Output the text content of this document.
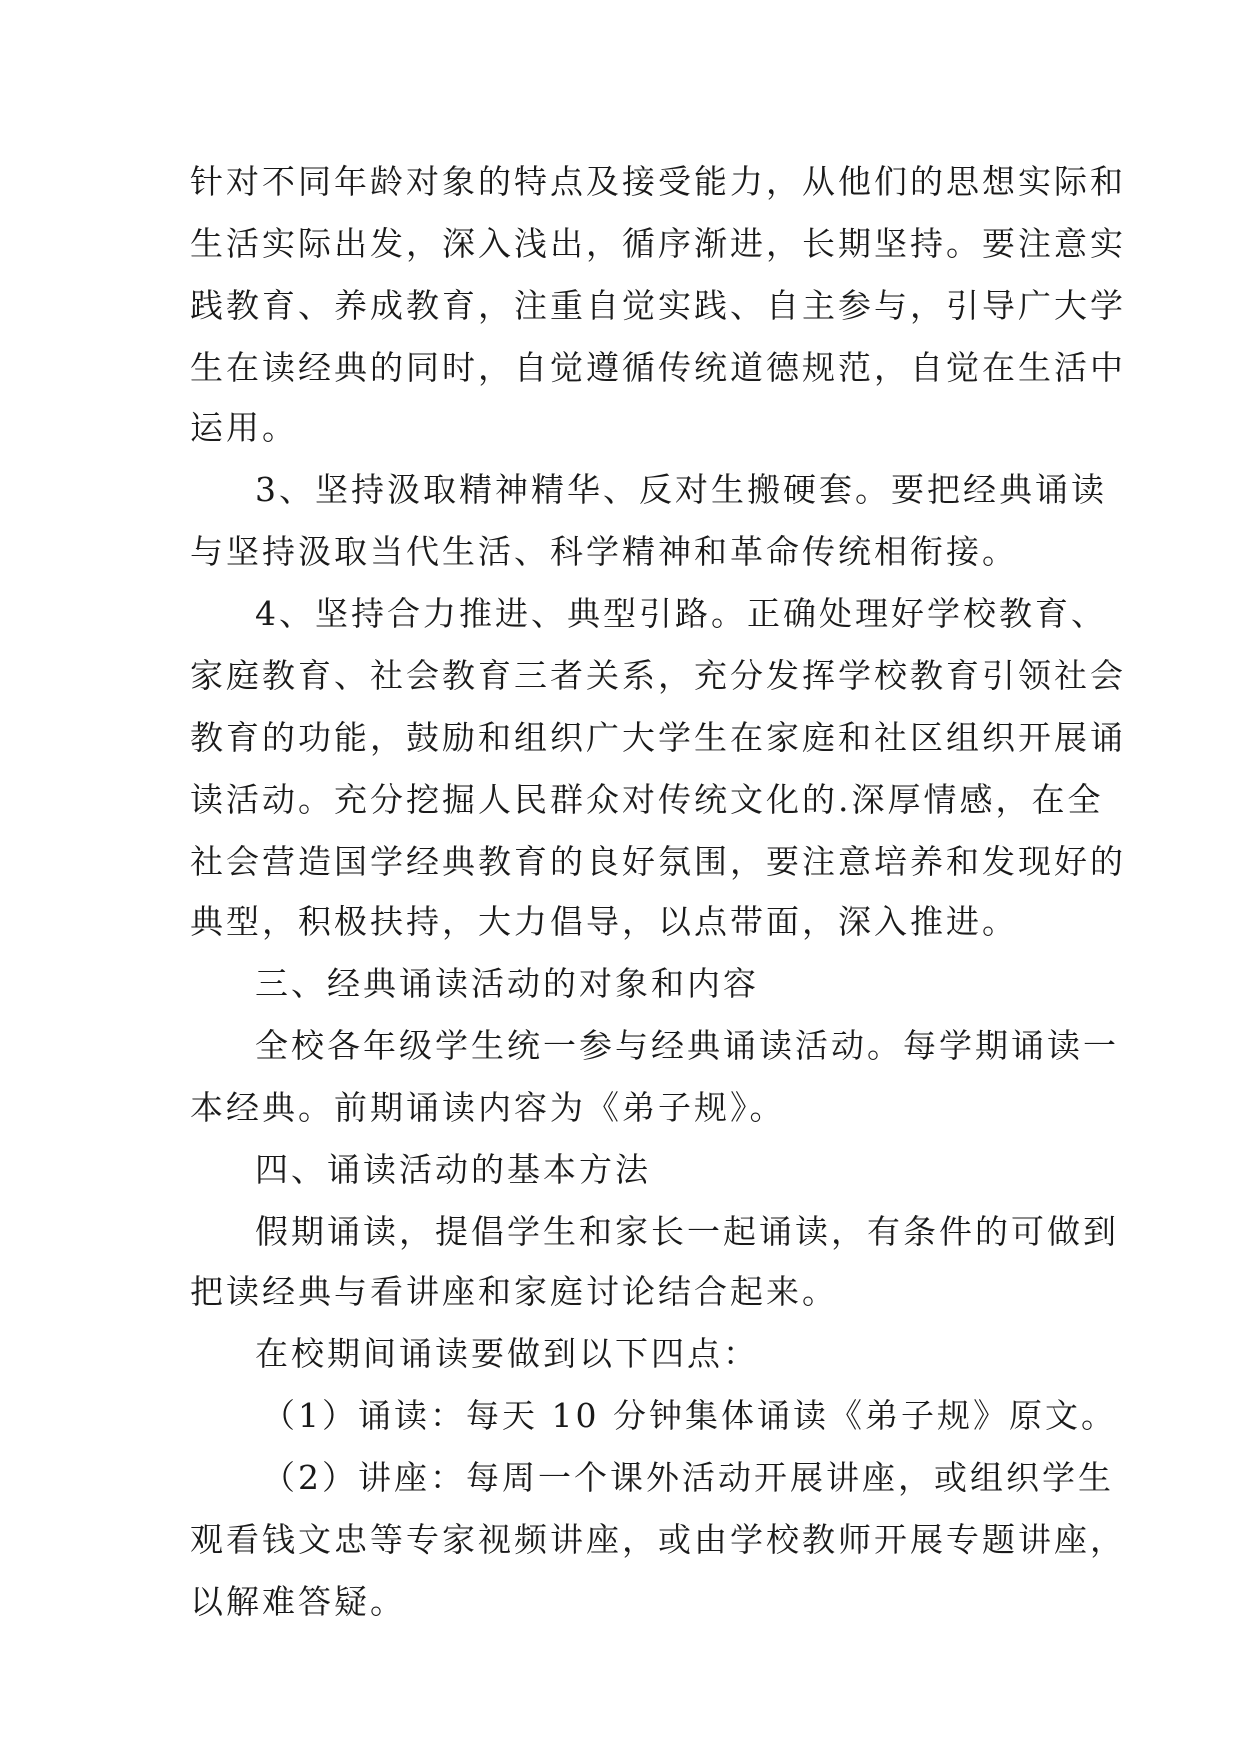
针对不同年龄对象的特点及接受能力，从他们的思想实际和

生活实际出发，深入浅出，循序渐进，长期坚持。要注意实

践教育、养成教育，注重自觉实践、自主参与，引导广大学

生在读经典的同时，自觉遵循传统道德规范，自觉在生活中

运用。

3、坚持汲取精神精华、反对生搬硬套。要把经典诵读

与坚持汲取当代生活、科学精神和革命传统相衔接。

4、坚持合力推进、典型引路。正确处理好学校教育、

家庭教育、社会教育三者关系，充分发挥学校教育引领社会

教育的功能，鼓励和组织广大学生在家庭和社区组织开展诵

读活动。充分挖掘人民群众对传统文化的.深厚情感，在全

社会营造国学经典教育的良好氛围，要注意培养和发现好的

典型，积极扶持，大力倡导，以点带面，深入推进。

三、经典诵读活动的对象和内容

全校各年级学生统一参与经典诵读活动。每学期诵读一

本经典。前期诵读内容为《弟子规》。

四、诵读活动的基本方法

假期诵读，提倡学生和家长一起诵读，有条件的可做到

把读经典与看讲座和家庭讨论结合起来。

在校期间诵读要做到以下四点：

（1）诵读：每天 10 分钟集体诵读《弟子规》原文。

（2）讲座：每周一个课外活动开展讲座，或组织学生

观看钱文忠等专家视频讲座，或由学校教师开展专题讲座，

以解难答疑。
